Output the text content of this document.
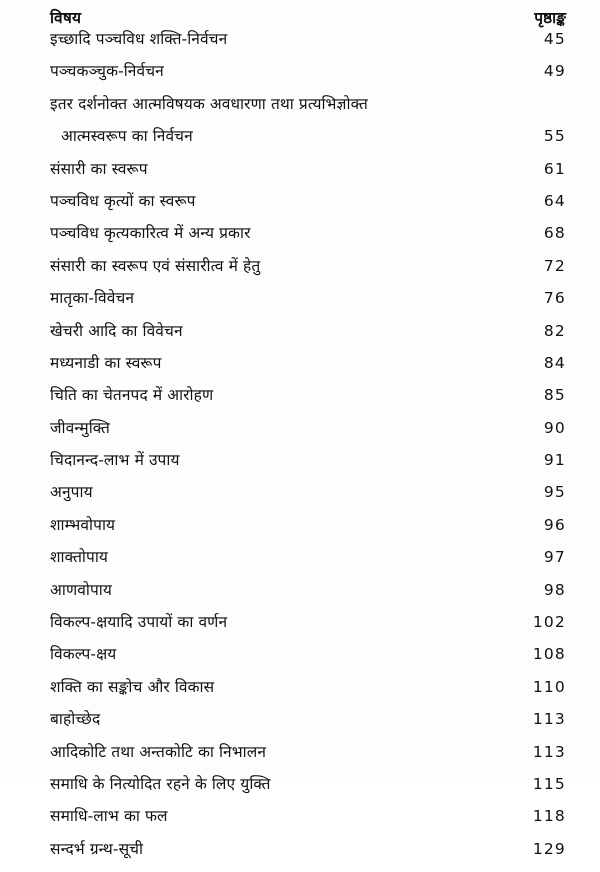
विषय	पृष्ठाङ्क
इच्छादि पञ्चविध शक्ति-निर्वचन	45
पञ्चकञ्चुक-निर्वचन	49
इतर दर्शनोक्त आत्मविषयक अवधारणा तथा प्रत्यभिज्ञोक्त
आत्मस्वरूप का निर्वचन	55
संसारी का स्वरूप	61
पञ्चविध कृत्यों का स्वरूप	64
पञ्चविध कृत्यकारित्व में अन्य प्रकार	68
संसारी का स्वरूप एवं संसारीत्व में हेतु	72
मातृका-विवेचन	76
खेचरी आदि का विवेचन	82
मध्यनाडी का स्वरूप	84
चिति का चेतनपद में आरोहण	85
जीवन्मुक्ति	90
चिदानन्द-लाभ में उपाय	91
अनुपाय	95
शाम्भवोपाय	96
शाक्तोपाय	97
आणवोपाय	98
विकल्प-क्षयादि उपायों का वर्णन	102
विकल्प-क्षय	108
शक्ति का सङ्कोच और विकास	110
बाहोच्छेद	113
आदिकोटि तथा अन्तकोटि का निभालन	113
समाधि के नित्योदित रहने के लिए युक्ति	115
समाधि-लाभ का फल	118
सन्दर्भ ग्रन्थ-सूची	129
